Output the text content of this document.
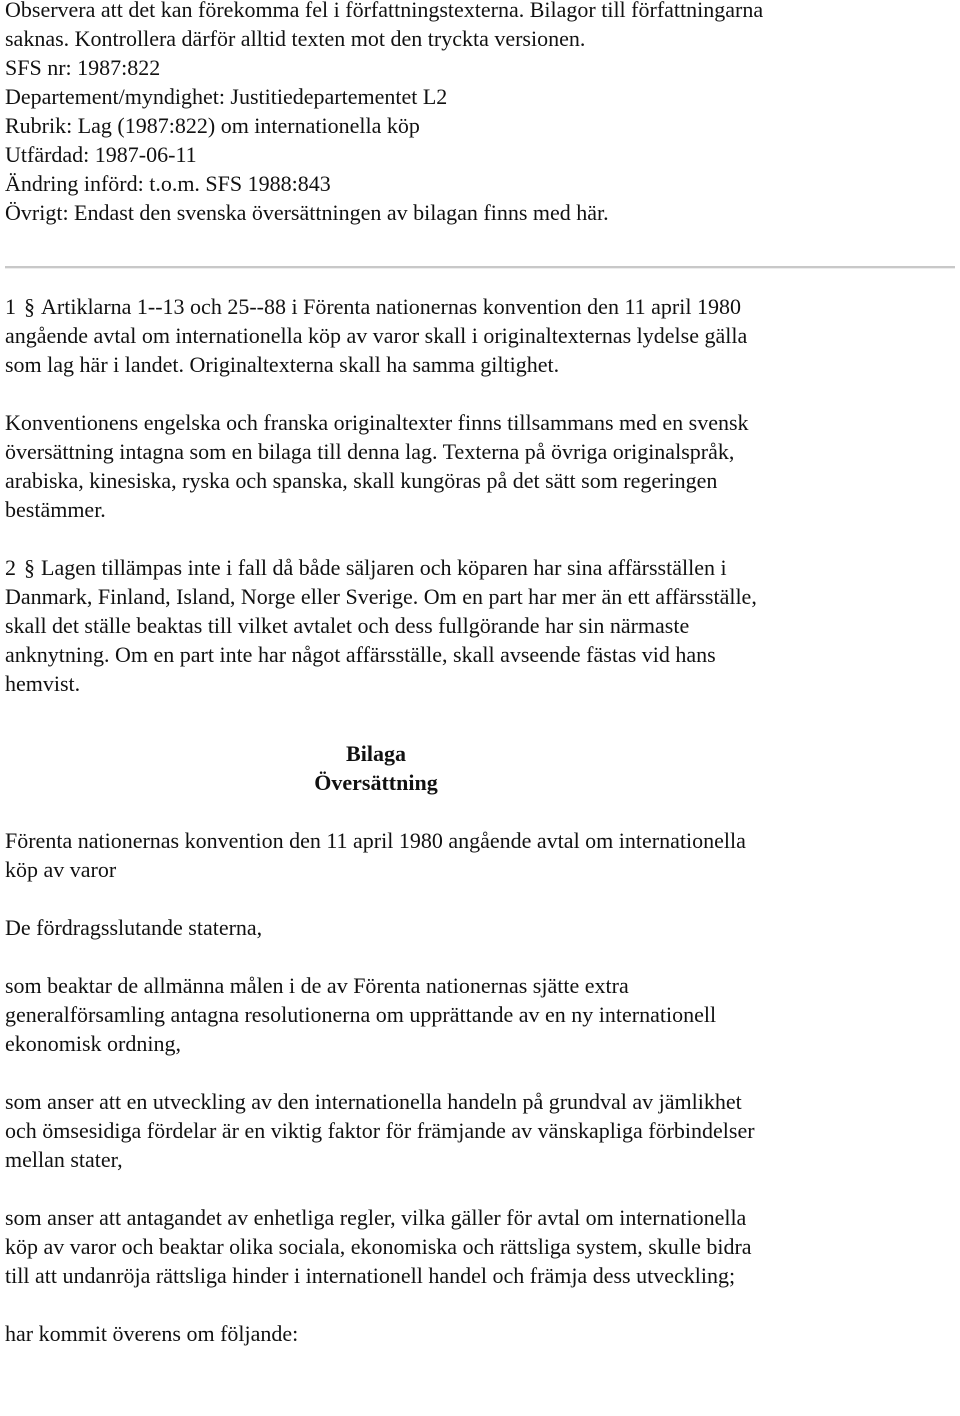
Observera att det kan förekomma fel i författningstexterna. Bilagor till författningarna

saknas. Kontrollera därför alltid texten mot den tryckta versionen.

SFS nr: 1987:822

Departement/myndighet: Justitiedepartementet L2

Rubrik: Lag (1987:822) om internationella köp

Utfärdad: 1987-06-11

Ändring införd: t.o.m. SFS 1988:843

Övrigt: Endast den svenska översättningen av bilagan finns med här.

1 § Artiklarna 1--13 och 25--88 i Förenta nationernas konvention den 11 april 1980 angående avtal om internationella köp av varor skall i originaltexternas lydelse gälla som lag här i landet. Originaltexterna skall ha samma giltighet.

Konventionens engelska och franska originaltexter finns tillsammans med en svensk översättning intagna som en bilaga till denna lag. Texterna på övriga originalspråk, arabiska, kinesiska, ryska och spanska, skall kungöras på det sätt som regeringen bestämmer.

2 § Lagen tillämpas inte i fall då både säljaren och köparen har sina affärsställen i Danmark, Finland, Island, Norge eller Sverige. Om en part har mer än ett affärsställe, skall det ställe beaktas till vilket avtalet och dess fullgörande har sin närmaste anknytning. Om en part inte har något affärsställe, skall avseende fästas vid hans hemvist.

Bilaga

Översättning

Förenta nationernas konvention den 11 april 1980 angående avtal om internationella köp av varor

De fördragsslutande staterna,

som beaktar de allmänna målen i de av Förenta nationernas sjätte extra generalförsamling antagna resolutionerna om upprättande av en ny internationell ekonomisk ordning,

som anser att en utveckling av den internationella handeln på grundval av jämlikhet och ömsesidiga fördelar är en viktig faktor för främjande av vänskapliga förbindelser mellan stater,

som anser att antagandet av enhetliga regler, vilka gäller för avtal om internationella köp av varor och beaktar olika sociala, ekonomiska och rättsliga system, skulle bidra till att undanröja rättsliga hinder i internationell handel och främja dess utveckling;

har kommit överens om följande:
